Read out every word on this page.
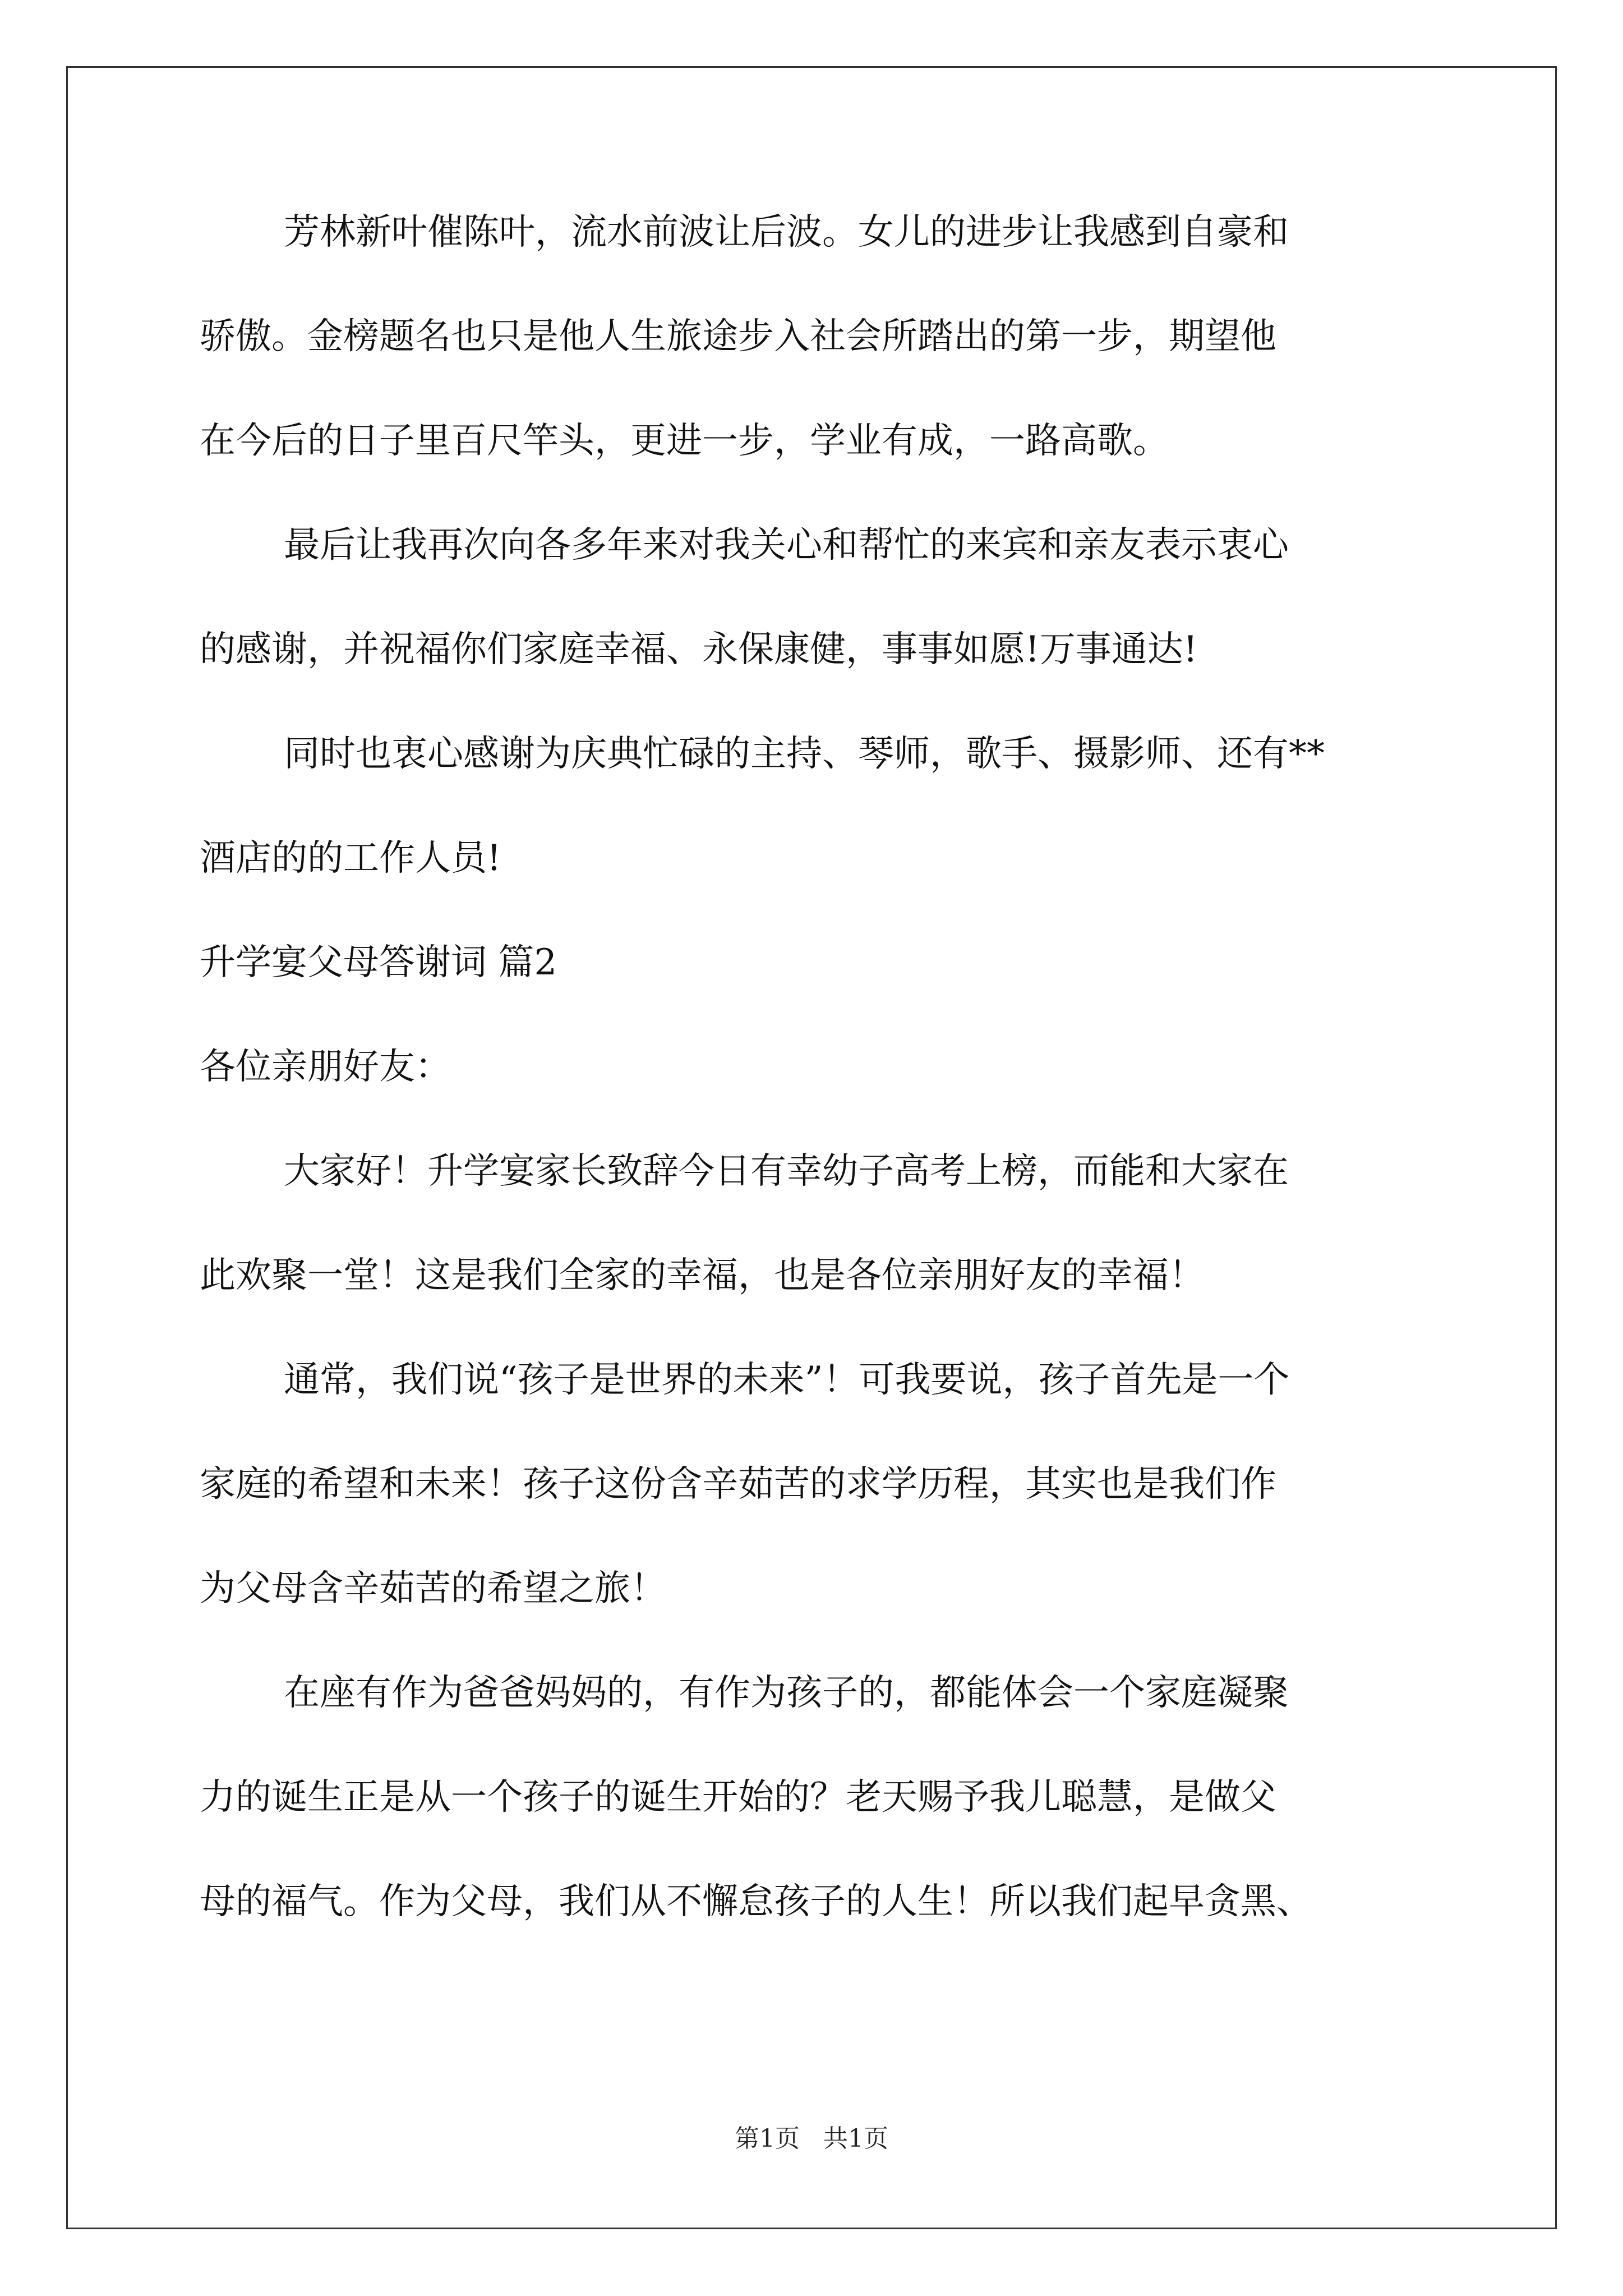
芳林新叶催陈叶，流水前波让后波。女儿的进步让我感到自豪和
骄傲。金榜题名也只是他人生旅途步入社会所踏出的第一步，期望他
在今后的日子里百尺竿头，更进一步，学业有成，一路高歌。
最后让我再次向各多年来对我关心和帮忙的来宾和亲友表示衷心
的感谢，并祝福你们家庭幸福、永保康健，事事如愿!万事通达!
同时也衷心感谢为庆典忙碌的主持、琴师，歌手、摄影师、还有**
酒店的的工作人员!
升学宴父母答谢词 篇2
各位亲朋好友：
大家好！升学宴家长致辞今日有幸幼子高考上榜，而能和大家在
此欢聚一堂！这是我们全家的幸福，也是各位亲朋好友的幸福！
通常，我们说“孩子是世界的未来”！可我要说，孩子首先是一个
家庭的希望和未来！孩子这份含辛茹苦的求学历程，其实也是我们作
为父母含辛茹苦的希望之旅！
在座有作为爸爸妈妈的，有作为孩子的，都能体会一个家庭凝聚
力的诞生正是从一个孩子的诞生开始的？老天赐予我儿聪慧，是做父
母的福气。作为父母，我们从不懈怠孩子的人生！所以我们起早贪黑、
第1页   共1页
